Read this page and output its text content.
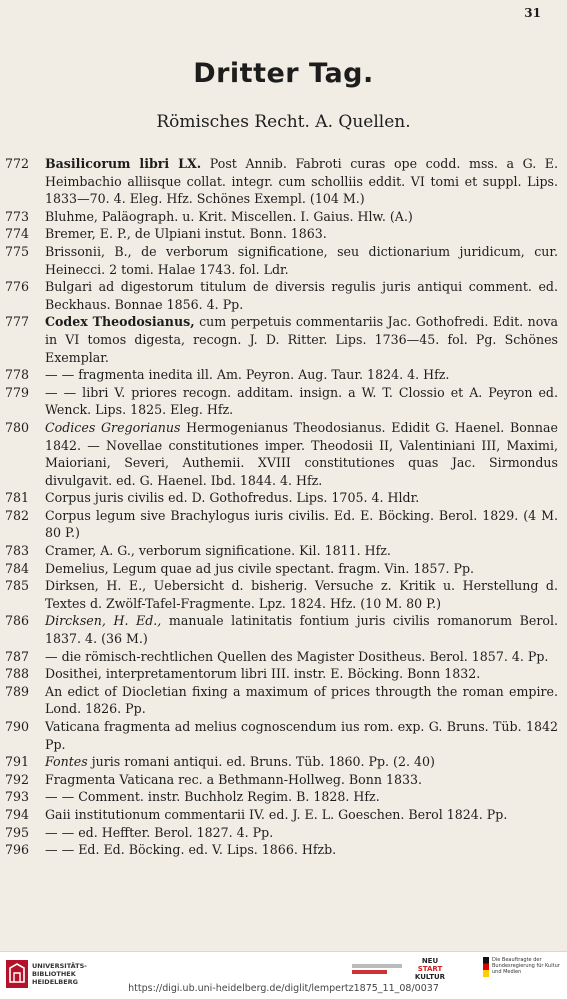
31
Dritter Tag.
Römisches Recht. A. Quellen.
772	Basilicorum libri LX. Post Annib. Fabroti curas ope codd. mss. a G. E. Heimbachio alliisque collat. integr. cum scholliis eddit. VI tomi et suppl. Lips. 1833—70. 4. Eleg. Hfz. Schönes Exempl. (104 M.)
773	Bluhme, Paläograph. u. Krit. Miscellen. I. Gaius. Hlw. (A.)
774	Bremer, E. P., de Ulpiani instut. Bonn. 1863.
775	Brissonii, B., de verborum significatione, seu dictionarium juridicum, cur. Heinecci. 2 tomi. Halae 1743. fol. Ldr.
776	Bulgari ad digestorum titulum de diversis regulis juris antiqui comment. ed. Beckhaus. Bonnae 1856. 4. Pp.
777	Codex Theodosianus, cum perpetuis commentariis Jac. Gothofredi. Edit. nova in VI tomos digesta, recogn. J. D. Ritter. Lips. 1736—45. fol. Pg. Schönes Exemplar.
778	— — fragmenta inedita ill. Am. Peyron. Aug. Taur. 1824. 4. Hfz.
779	— — libri V. priores recogn. additam. insign. a W. T. Clossio et A. Peyron ed. Wenck. Lips. 1825. Eleg. Hfz.
780	Codices Gregorianus Hermogenianus Theodosianus. Edidit G. Haenel. Bonnae 1842. — Novellae constitutiones imper. Theodosii II, Valentiniani III, Maximi, Maioriani, Severi, Authemii. XVIII constitutiones quas Jac. Sirmondus divulgavit. ed. G. Haenel. Ibd. 1844. 4. Hfz.
781	Corpus juris civilis ed. D. Gothofredus. Lips. 1705. 4. Hldr.
782	Corpus legum sive Brachylogus iuris civilis. Ed. E. Böcking. Berol. 1829. (4 M. 80 P.)
783	Cramer, A. G., verborum significatione. Kil. 1811. Hfz.
784	Demelius, Legum quae ad jus civile spectant. fragm. Vin. 1857. Pp.
785	Dirksen, H. E., Uebersicht d. bisherig. Versuche z. Kritik u. Herstellung d. Textes d. Zwölf-Tafel-Fragmente. Lpz. 1824. Hfz. (10 M. 80 P.)
786	Dircksen, H. Ed., manuale latinitatis fontium juris civilis romanorum Berol. 1837. 4. (36 M.)
787	— die römisch-rechtlichen Quellen des Magister Dositheus. Berol. 1857. 4. Pp.
788	Dosithei, interpretamentorum libri III. instr. E. Böcking. Bonn 1832.
789	An edict of Diocletian fixing a maximum of prices througth the roman empire. Lond. 1826. Pp.
790	Vaticana fragmenta ad melius cognoscendum ius rom. exp. G. Bruns. Tüb. 1842 Pp.
791	Fontes juris romani antiqui. ed. Bruns. Tüb. 1860. Pp. (2. 40)
792	Fragmenta Vaticana rec. a Bethmann-Hollweg. Bonn 1833.
793	— — Comment. instr. Buchholz Regim. B. 1828. Hfz.
794	Gaii institutionum commentarii IV. ed. J. E. L. Goeschen. Berol 1824. Pp.
795	— — ed. Heffter. Berol. 1827. 4. Pp.
796	— — Ed. Ed. Böcking. ed. V. Lips. 1866. Hfzb.
UNIVERSITÄTS-
BIBLIOTHEK
HEIDELBERG
NEU
START
KULTUR
Die Beauftragte der Bundesregierung für Kultur und Medien
https://digi.ub.uni-heidelberg.de/diglit/lempertz1875_11_08/0037
